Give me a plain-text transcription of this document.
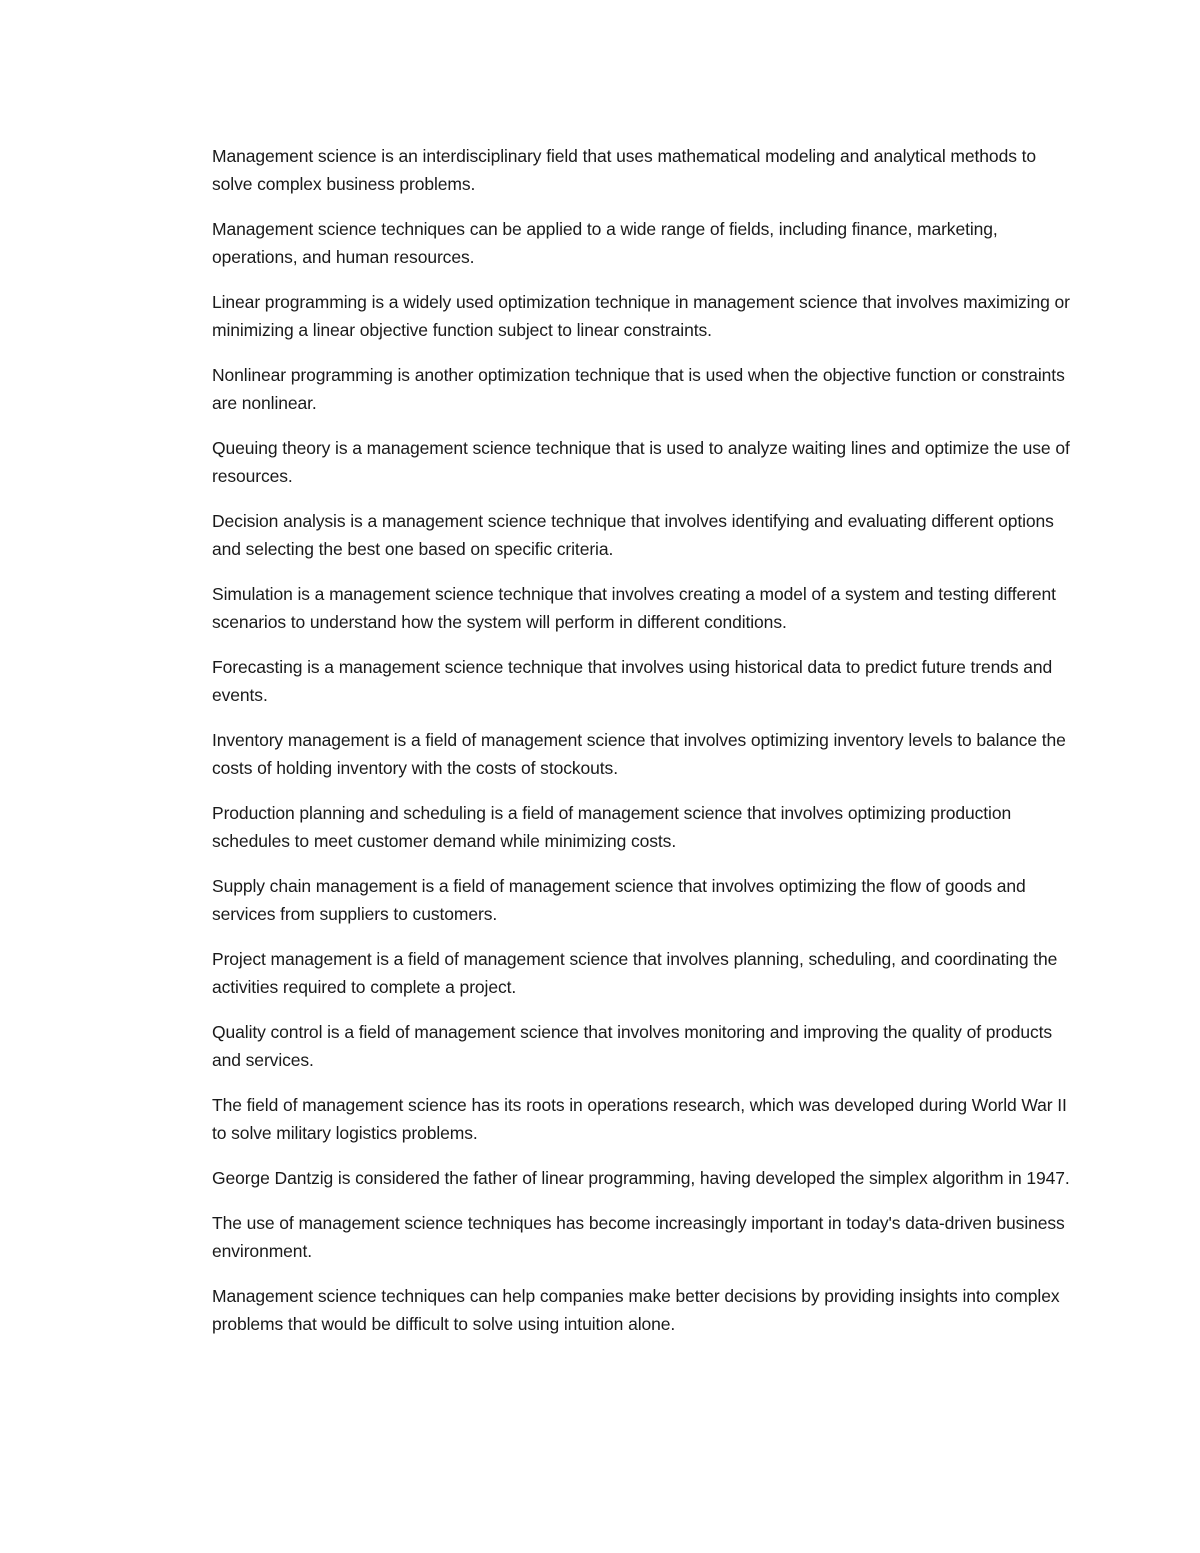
Management science is an interdisciplinary field that uses mathematical modeling and analytical methods to solve complex business problems.

Management science techniques can be applied to a wide range of fields, including finance, marketing, operations, and human resources.

Linear programming is a widely used optimization technique in management science that involves maximizing or minimizing a linear objective function subject to linear constraints.

Nonlinear programming is another optimization technique that is used when the objective function or constraints are nonlinear.

Queuing theory is a management science technique that is used to analyze waiting lines and optimize the use of resources.

Decision analysis is a management science technique that involves identifying and evaluating different options and selecting the best one based on specific criteria.

Simulation is a management science technique that involves creating a model of a system and testing different scenarios to understand how the system will perform in different conditions.

Forecasting is a management science technique that involves using historical data to predict future trends and events.

Inventory management is a field of management science that involves optimizing inventory levels to balance the costs of holding inventory with the costs of stockouts.

Production planning and scheduling is a field of management science that involves optimizing production schedules to meet customer demand while minimizing costs.

Supply chain management is a field of management science that involves optimizing the flow of goods and services from suppliers to customers.

Project management is a field of management science that involves planning, scheduling, and coordinating the activities required to complete a project.

Quality control is a field of management science that involves monitoring and improving the quality of products and services.

The field of management science has its roots in operations research, which was developed during World War II to solve military logistics problems.

George Dantzig is considered the father of linear programming, having developed the simplex algorithm in 1947.

The use of management science techniques has become increasingly important in today's data-driven business environment.

Management science techniques can help companies make better decisions by providing insights into complex problems that would be difficult to solve using intuition alone.
